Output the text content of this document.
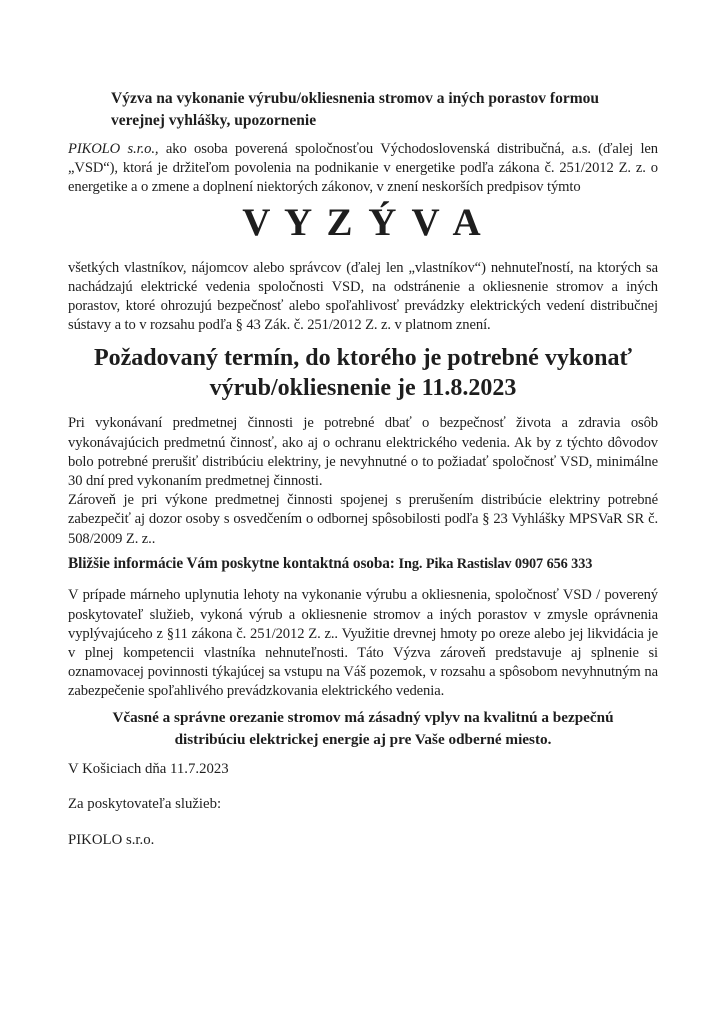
Výzva na vykonanie výrubu/okliesnenia stromov a iných porastov formou
verejnej vyhlášky, upozornenie

PIKOLO s.r.o., ako osoba poverená spoločnosťou Východoslovenská distribučná, a.s. (ďalej len „VSD“), ktorá je držiteľom povolenia na podnikanie v energetike podľa zákona č. 251/2012 Z. z. o energetike a o zmene a doplnení niektorých zákonov, v znení neskorších predpisov týmto

V Y Z Ý V A

všetkých vlastníkov, nájomcov alebo správcov (ďalej len „vlastníkov“) nehnuteľností, na ktorých sa nachádzajú elektrické vedenia spoločnosti VSD, na odstránenie a okliesnenie stromov a iných porastov, ktoré ohrozujú bezpečnosť alebo spoľahlivosť prevádzky elektrických vedení distribučnej sústavy a to v rozsahu podľa § 43 Zák. č. 251/2012 Z. z. v platnom znení.

Požadovaný termín, do ktorého je potrebné vykonať
výrub/okliesnenie je 11.8.2023

Pri vykonávaní predmetnej činnosti je potrebné dbať o bezpečnosť života a zdravia osôb vykonávajúcich predmetnú činnosť, ako aj o ochranu elektrického vedenia. Ak by z týchto dôvodov bolo potrebné prerušiť distribúciu elektriny, je nevyhnutné o to požiadať spoločnosť VSD, minimálne 30 dní pred vykonaním predmetnej činnosti.

Zároveň je pri výkone predmetnej činnosti spojenej s prerušením distribúcie elektriny potrebné zabezpečiť aj dozor osoby s osvedčením o odbornej spôsobilosti podľa § 23 Vyhlášky MPSVaR SR č. 508/2009 Z. z..

Bližšie informácie Vám poskytne kontaktná osoba: Ing. Pika Rastislav 0907 656 333

V prípade márneho uplynutia lehoty na vykonanie výrubu a okliesnenia, spoločnosť VSD / poverený poskytovateľ služieb, vykoná výrub a okliesnenie stromov a iných porastov v zmysle oprávnenia vyplývajúceho z §11 zákona č. 251/2012 Z. z.. Využitie drevnej hmoty po oreze alebo jej likvidácia je v plnej kompetencii vlastníka nehnuteľnosti. Táto Výzva zároveň predstavuje aj splnenie si oznamovacej povinnosti týkajúcej sa vstupu na Váš pozemok, v rozsahu a spôsobom nevyhnutným na zabezpečenie spoľahlivého prevádzkovania elektrického vedenia.

Včasné a správne orezanie stromov má zásadný vplyv na kvalitnú a bezpečnú
distribúciu elektrickej energie aj pre Vaše odberné miesto.

V Košiciach dňa 11.7.2023

Za poskytovateľa služieb:

PIKOLO s.r.o.
